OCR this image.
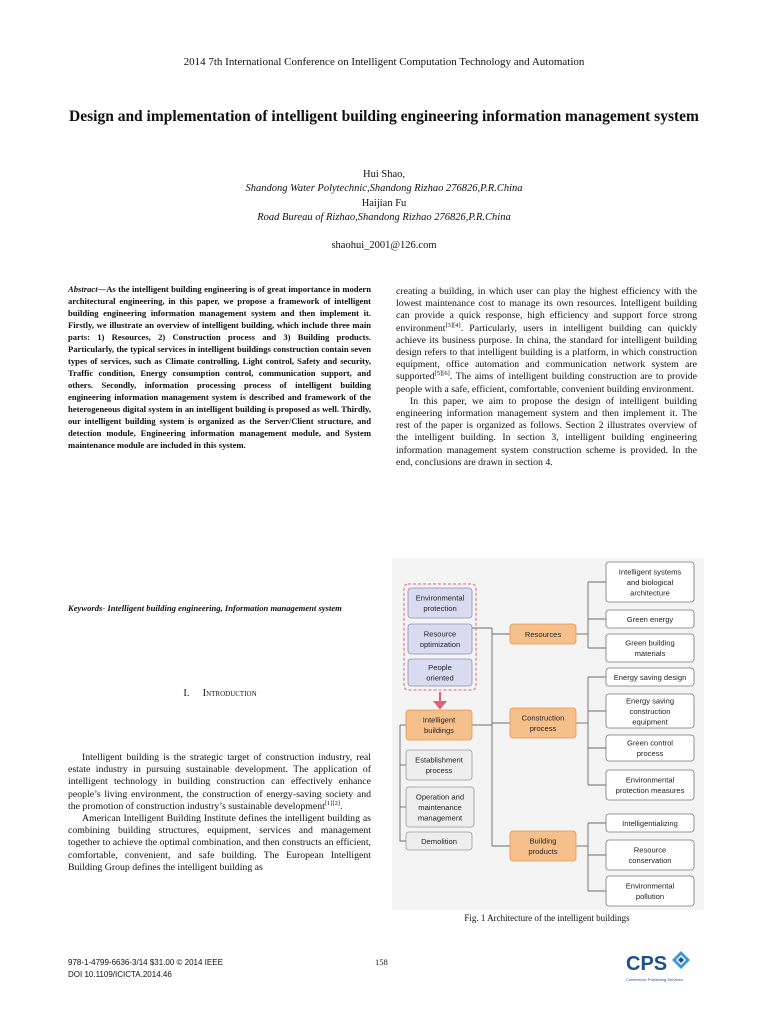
2014 7th International Conference on Intelligent Computation Technology and Automation
Design and implementation of intelligent building engineering information management system
Hui Shao,
Shandong Water Polytechnic,Shandong Rizhao 276826,P.R.China
Haijian Fu
Road Bureau of Rizhao,Shandong Rizhao 276826,P.R.China
shaohui_2001@126.com
Abstract—As the intelligent building engineering is of great importance in modern architectural engineering, in this paper, we propose a framework of intelligent building engineering information management system and then implement it. Firstly, we illustrate an overview of intelligent building, which include three main parts: 1) Resources, 2) Construction process and 3) Building products. Particularly, the typical services in intelligent buildings construction contain seven types of services, such as Climate controlling, Light control, Safety and security, Traffic condition, Energy consumption control, communication support, and others. Secondly, information processing process of intelligent building engineering information management system is described and framework of the heterogeneous digital system in an intelligent building is proposed as well. Thirdly, our intelligent building system is organized as the Server/Client structure, and detection module, Engineering information management module, and System maintenance module are included in this system.
Keywords- Intelligent building engineering, Information management system
I. Introduction

Intelligent building is the strategic target of construction industry, real estate industry in pursuing sustainable development. The application of intelligent technology in building construction can effectively enhance people’s living environment, the construction of energy-saving society and the promotion of construction industry’s sustainable development[1][2].

American Intelligent Building Institute defines the intelligent building as combining building structures, equipment, services and management together to achieve the optimal combination, and then constructs an efficient, comfortable, convenient, and safe building. The European Intelligent Building Group defines the intelligent building as

creating a building, in which user can play the highest efficiency with the lowest maintenance cost to manage its own resources. Intelligent building can provide a quick response, high efficiency and support force strong environment[3][4]. Particularly, users in intelligent building can quickly achieve its business purpose. In china, the standard for intelligent building design refers to that intelligent building is a platform, in which construction equipment, office automation and communication network system are supported[5][6]. The aims of intelligent building construction are to provide people with a safe, efficient, comfortable, convenient building environment.

In this paper, we aim to propose the design of intelligent building engineering information management system and then implement it. The rest of the paper is organized as follows. Section 2 illustrates overview of the intelligent building. In section 3, intelligent building engineering information management system construction scheme is provided. In the end, conclusions are drawn in section 4.

Environmental
protection
Resource
optimization
People
oriented
Intelligent
buildings
Establishment
process
Operation and
maintenance
management
Demolition
Resources
Construction
process
Building
products
Intelligent systems
and biological
architecture
Green energy
Green building
materials
Energy saving design
Energy saving
construction
equipment
Green control
process
Environmental
protection measures
Intelligentializing
Resource
conservation
Environmental
pollution
Fig. 1 Architecture of the intelligent buildings
978-1-4799-6636-3/14 $31.00 © 2014 IEEE
DOI 10.1109/ICICTA.2014.46
158	CPS
Conference Publishing Services
